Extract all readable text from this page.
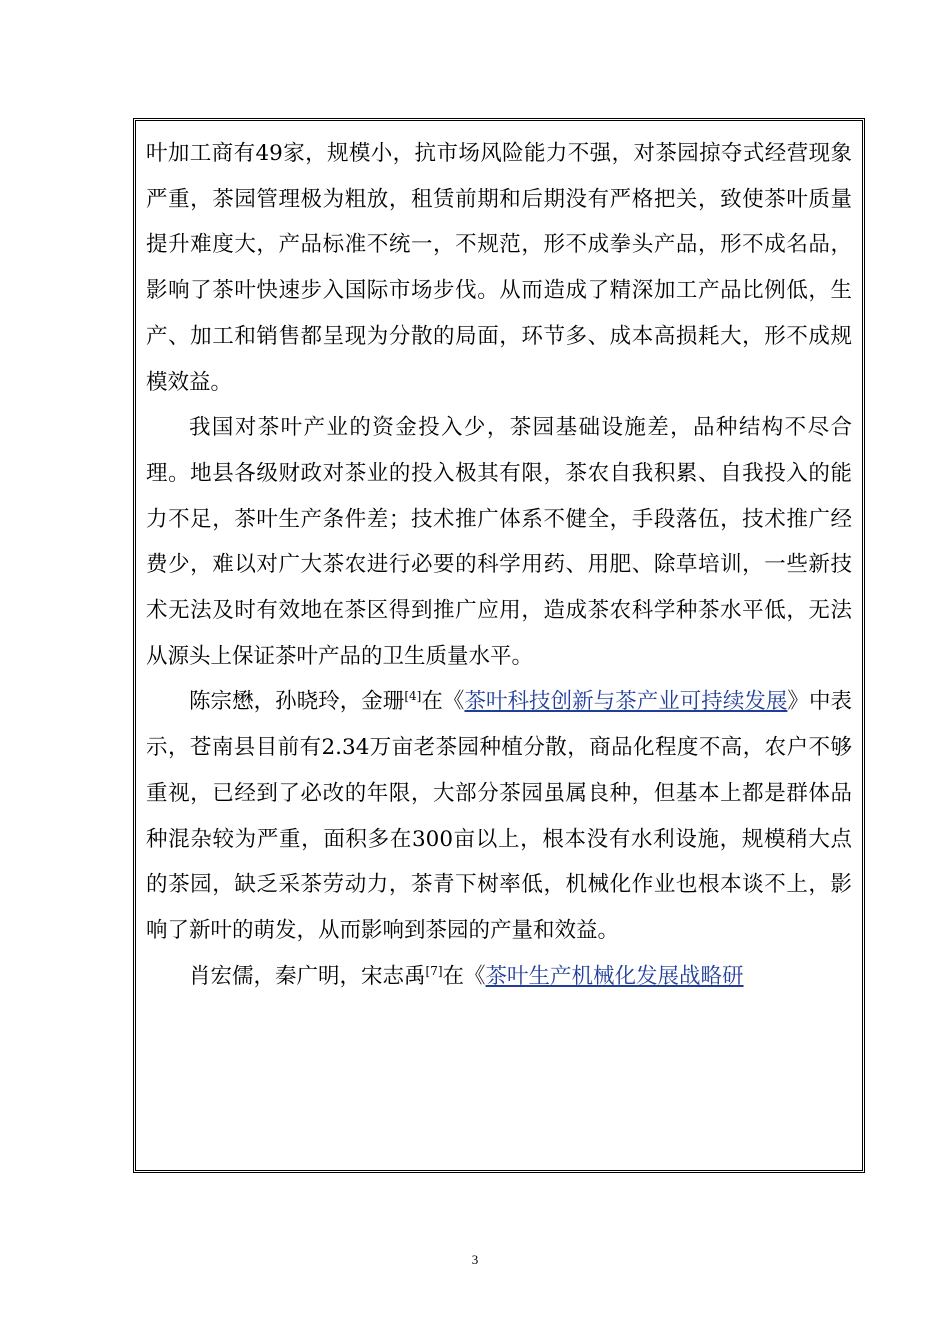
叶加工商有49家，规模小，抗市场风险能力不强，对茶园掠夺式经营现象严重，茶园管理极为粗放，租赁前期和后期没有严格把关，致使茶叶质量提升难度大，产品标准不统一，不规范，形不成拳头产品，形不成名品，影响了茶叶快速步入国际市场步伐。从而造成了精深加工产品比例低，生产、加工和销售都呈现为分散的局面，环节多、成本高损耗大，形不成规模效益。

我国对茶叶产业的资金投入少，茶园基础设施差，品种结构不尽合理。地县各级财政对茶业的投入极其有限，茶农自我积累、自我投入的能力不足，茶叶生产条件差；技术推广体系不健全，手段落伍，技术推广经费少，难以对广大茶农进行必要的科学用药、用肥、除草培训，一些新技术无法及时有效地在茶区得到推广应用，造成茶农科学种茶水平低，无法从源头上保证茶叶产品的卫生质量水平。

陈宗懋，孙晓玲，金珊[4]在《茶叶科技创新与茶产业可持续发展》中表示，苍南县目前有2.34万亩老茶园种植分散，商品化程度不高，农户不够重视，已经到了必改的年限，大部分茶园虽属良种，但基本上都是群体品种混杂较为严重，面积多在300亩以上，根本没有水利设施，规模稍大点的茶园，缺乏采茶劳动力，茶青下树率低，机械化作业也根本谈不上，影响了新叶的萌发，从而影响到茶园的产量和效益。

肖宏儒，秦广明，宋志禹[7]在《茶叶生产机械化发展战略研

3
